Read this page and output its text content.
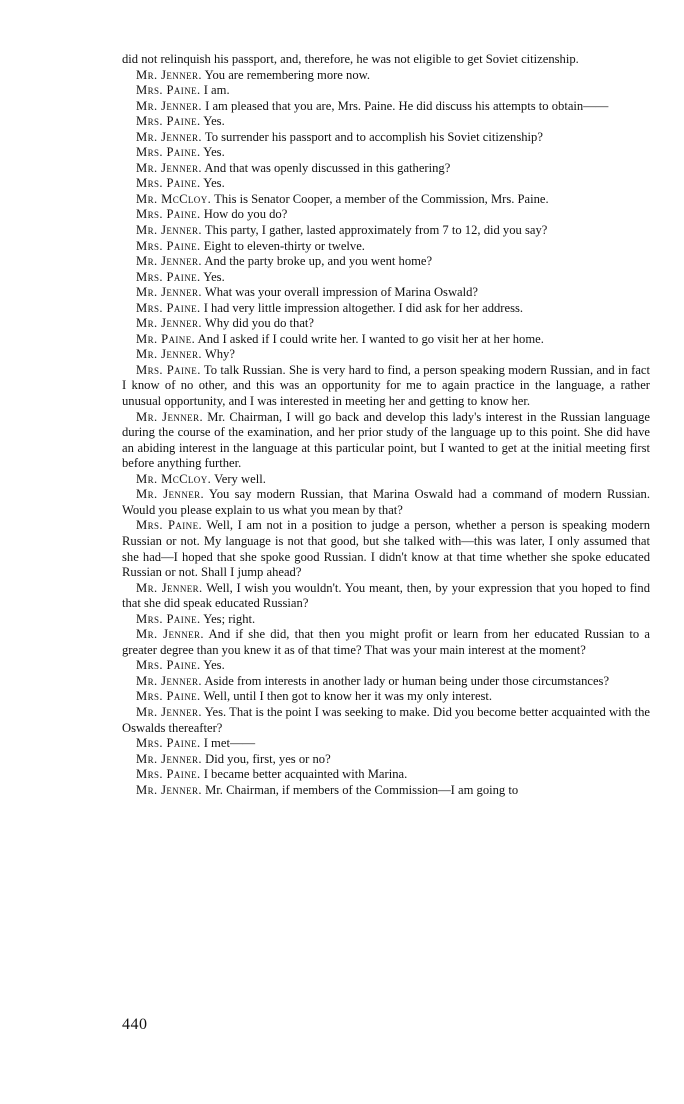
did not relinquish his passport, and, therefore, he was not eligible to get Soviet citizenship.

Mr. Jenner. You are remembering more now.

Mrs. Paine. I am.

Mr. Jenner. I am pleased that you are, Mrs. Paine. He did discuss his attempts to obtain——

Mrs. Paine. Yes.

Mr. Jenner. To surrender his passport and to accomplish his Soviet citizenship?

Mrs. Paine. Yes.

Mr. Jenner. And that was openly discussed in this gathering?

Mrs. Paine. Yes.

Mr. McCloy. This is Senator Cooper, a member of the Commission, Mrs. Paine.

Mrs. Paine. How do you do?

Mr. Jenner. This party, I gather, lasted approximately from 7 to 12, did you say?

Mrs. Paine. Eight to eleven-thirty or twelve.

Mr. Jenner. And the party broke up, and you went home?

Mrs. Paine. Yes.

Mr. Jenner. What was your overall impression of Marina Oswald?

Mrs. Paine. I had very little impression altogether. I did ask for her address.

Mr. Jenner. Why did you do that?

Mr. Paine. And I asked if I could write her. I wanted to go visit her at her home.

Mr. Jenner. Why?

Mrs. Paine. To talk Russian. She is very hard to find, a person speaking modern Russian, and in fact I know of no other, and this was an opportunity for me to again practice in the language, a rather unusual opportunity, and I was interested in meeting her and getting to know her.

Mr. Jenner. Mr. Chairman, I will go back and develop this lady's interest in the Russian language during the course of the examination, and her prior study of the language up to this point. She did have an abiding interest in the language at this particular point, but I wanted to get at the initial meeting first before anything further.

Mr. McCloy. Very well.

Mr. Jenner. You say modern Russian, that Marina Oswald had a command of modern Russian. Would you please explain to us what you mean by that?

Mrs. Paine. Well, I am not in a position to judge a person, whether a person is speaking modern Russian or not. My language is not that good, but she talked with—this was later, I only assumed that she had—I hoped that she spoke good Russian. I didn't know at that time whether she spoke educated Russian or not. Shall I jump ahead?

Mr. Jenner. Well, I wish you wouldn't. You meant, then, by your expression that you hoped to find that she did speak educated Russian?

Mrs. Paine. Yes; right.

Mr. Jenner. And if she did, that then you might profit or learn from her educated Russian to a greater degree than you knew it as of that time? That was your main interest at the moment?

Mrs. Paine. Yes.

Mr. Jenner. Aside from interests in another lady or human being under those circumstances?

Mrs. Paine. Well, until I then got to know her it was my only interest.

Mr. Jenner. Yes. That is the point I was seeking to make. Did you become better acquainted with the Oswalds thereafter?

Mrs. Paine. I met——

Mr. Jenner. Did you, first, yes or no?

Mrs. Paine. I became better acquainted with Marina.

Mr. Jenner. Mr. Chairman, if members of the Commission—I am going to

440
